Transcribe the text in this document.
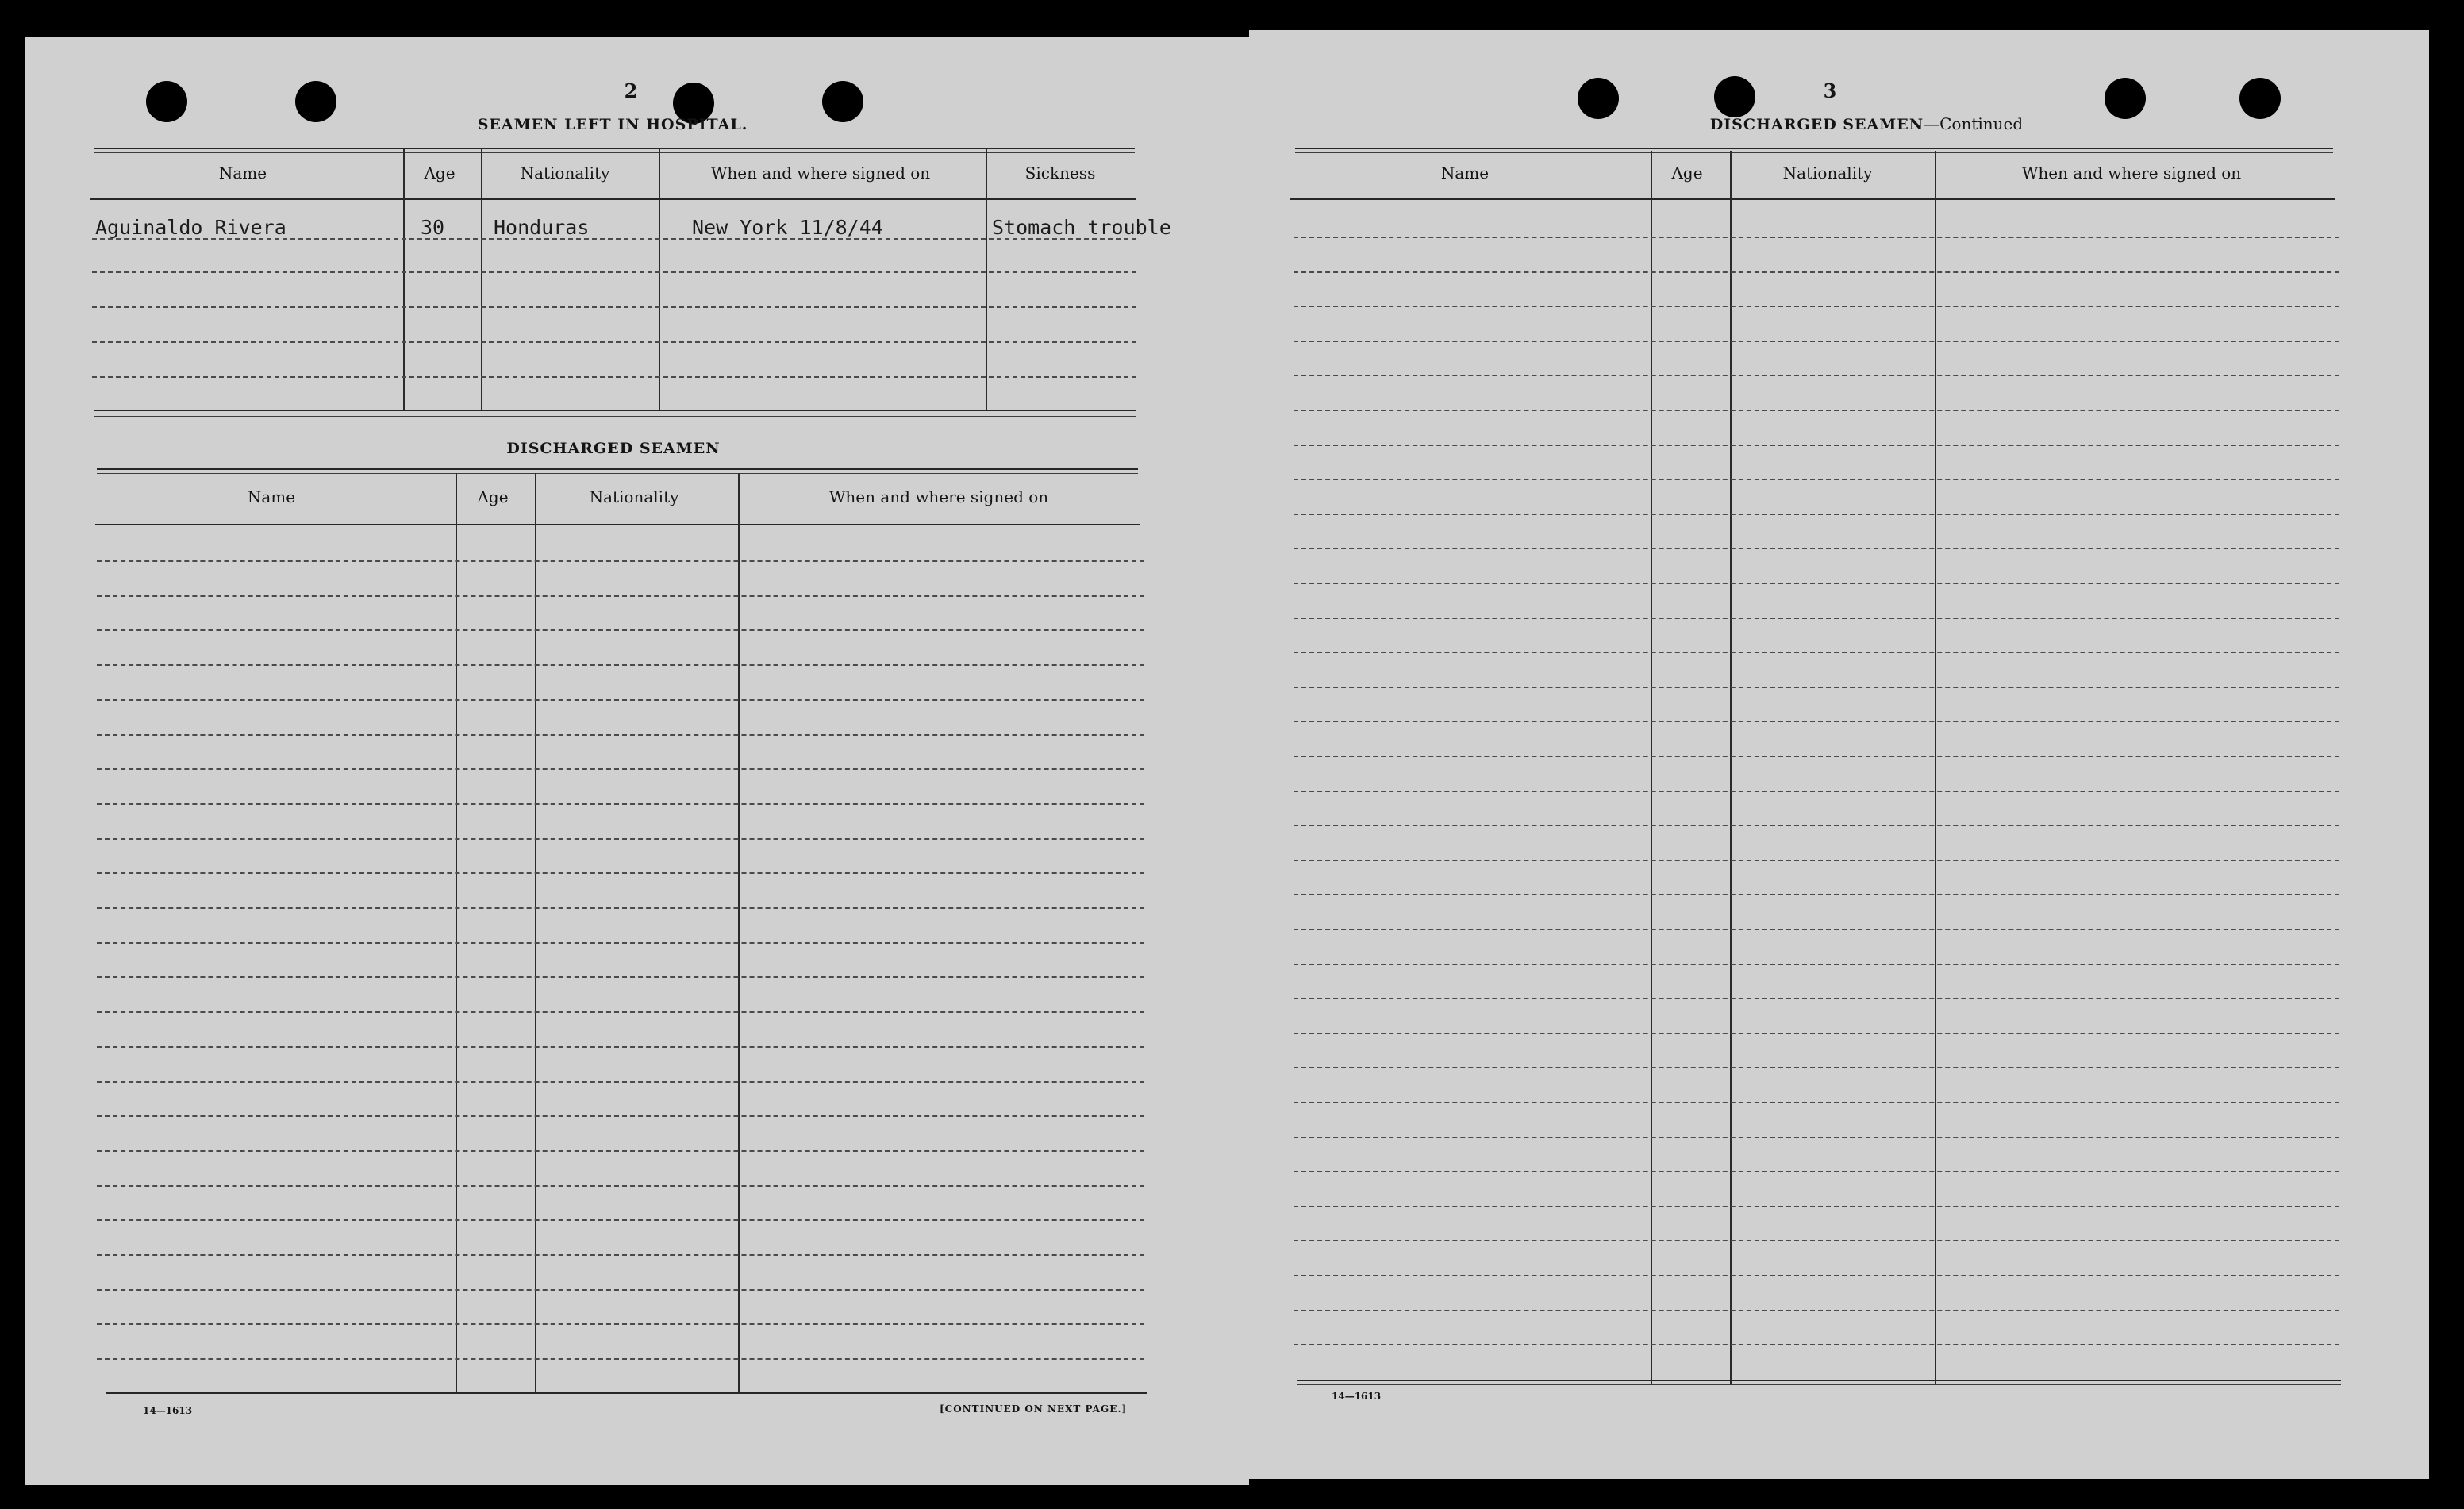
2
SEAMEN LEFT IN HOSPITAL.
Name	Age	Nationality	When and where signed on	Sickness
Aguinaldo Rivera	30 Honduras	New York 11/8/44	Stomach trouble
DISCHARGED SEAMEN
Name	Age	Nationality	When and where signed on
14—1613	[CONTINUED ON NEXT PAGE.]
3
DISCHARGED SEAMEN—Continued
Name	Age	Nationality	When and where signed on
14—1613
